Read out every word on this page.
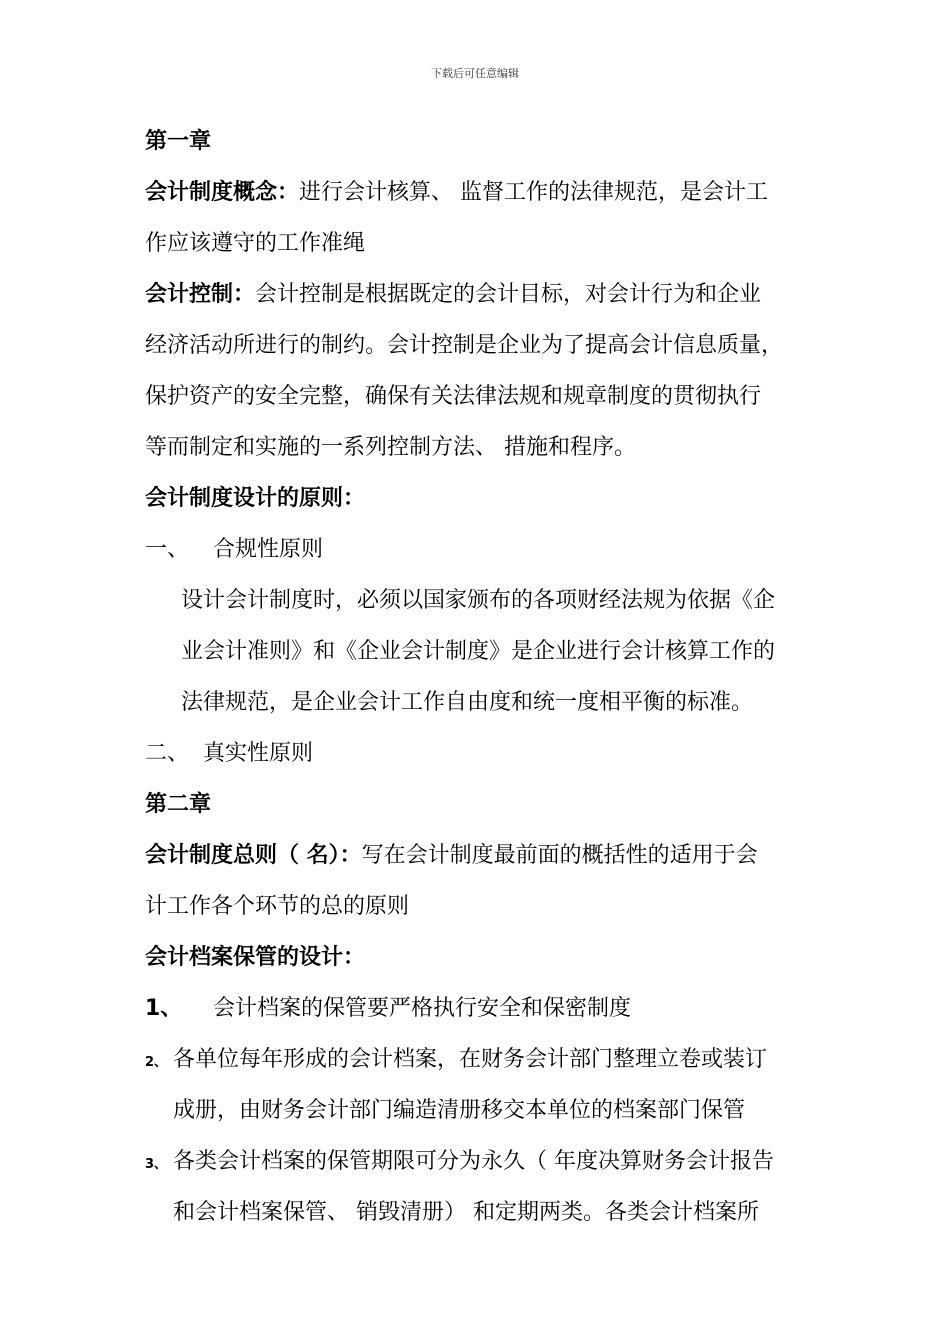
下载后可任意编辑
第一章
会计制度概念：进行会计核算、 监督工作的法律规范，是会计工
作应该遵守的工作准绳
会计控制：会计控制是根据既定的会计目标，对会计行为和企业
经济活动所进行的制约。会计控制是企业为了提高会计信息质量，
保护资产的安全完整，确保有关法律法规和规章制度的贯彻执行
等而制定和实施的一系列控制方法、 措施和程序。
会计制度设计的原则：
一、 合规性原则
设计会计制度时，必须以国家颁布的各项财经法规为依据《企
业会计准则》和《企业会计制度》是企业进行会计核算工作的
法律规范，是企业会计工作自由度和统一度相平衡的标准。
二、 真实性原则
第二章
会计制度总则（ 名）：写在会计制度最前面的概括性的适用于会
计工作各个环节的总的原则
会计档案保管的设计：
1、 会计档案的保管要严格执行安全和保密制度
2、 各单位每年形成的会计档案，在财务会计部门整理立卷或装订
成册，由财务会计部门编造清册移交本单位的档案部门保管
3、 各类会计档案的保管期限可分为永久（ 年度决算财务会计报告
和会计档案保管、 销毁清册） 和定期两类。各类会计档案所
